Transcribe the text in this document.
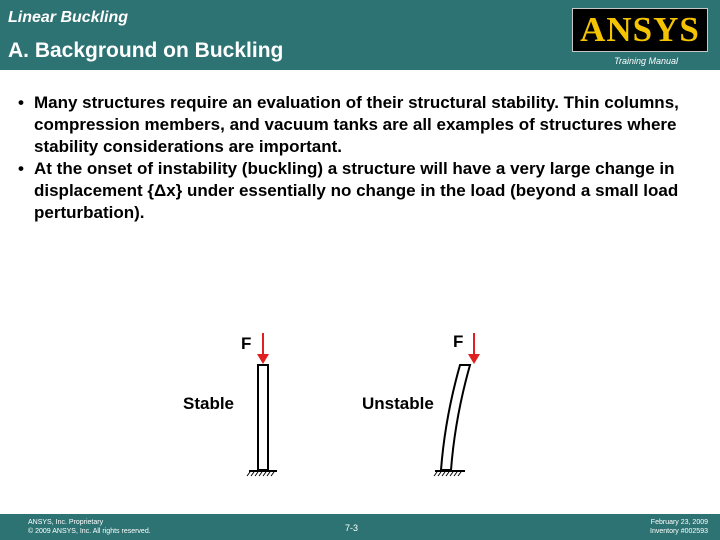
Linear Buckling
A. Background on Buckling
ANSYS
Training Manual

• Many structures require an evaluation of their structural stability. Thin columns, compression members, and vacuum tanks are all examples of structures where stability considerations are important.

• At the onset of instability (buckling) a structure will have a very large change in displacement {Δx} under essentially no change in the load (beyond a small load perturbation).

F	F
Stable	Unstable
ANSYS, Inc. Proprietary
© 2009 ANSYS, Inc. All rights reserved.	7-3
February 23, 2009
Inventory #002593
